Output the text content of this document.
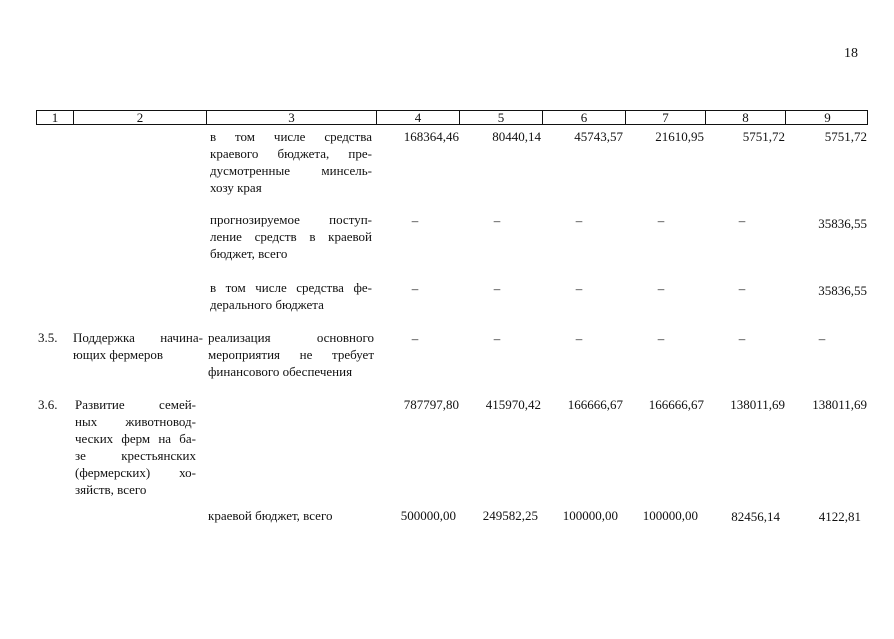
18
1	2	3	4	5	6	7	8	9
в том числе средства
краевого бюджета, пре-
дусмотренные минсель-
хозу края
168364,46	80440,14	45743,57 21610,95	5751,72	5751,72
прогнозируемое поступ-
ление средств в краевой
бюджет, всего
–	–	–	–	–	35836,55
в том числе средства фе-
дерального бюджета
–	–	–	–	–	35836,55
3.5. Поддержка начина-
ющих фермеров
реализация основного
мероприятия не требует
финансового обеспечения
–	–	–	–	–	–
3.6. Развитие семей-
ных животновод-
ческих ферм на ба-
зе крестьянских
(фермерских) хо-
зяйств, всего
787797,80 415970,42 166666,67 166666,67 138011,69 138011,69
краевой бюджет, всего	500000,00 249582,25 100000,00 100000,00	82456,14	4122,81
